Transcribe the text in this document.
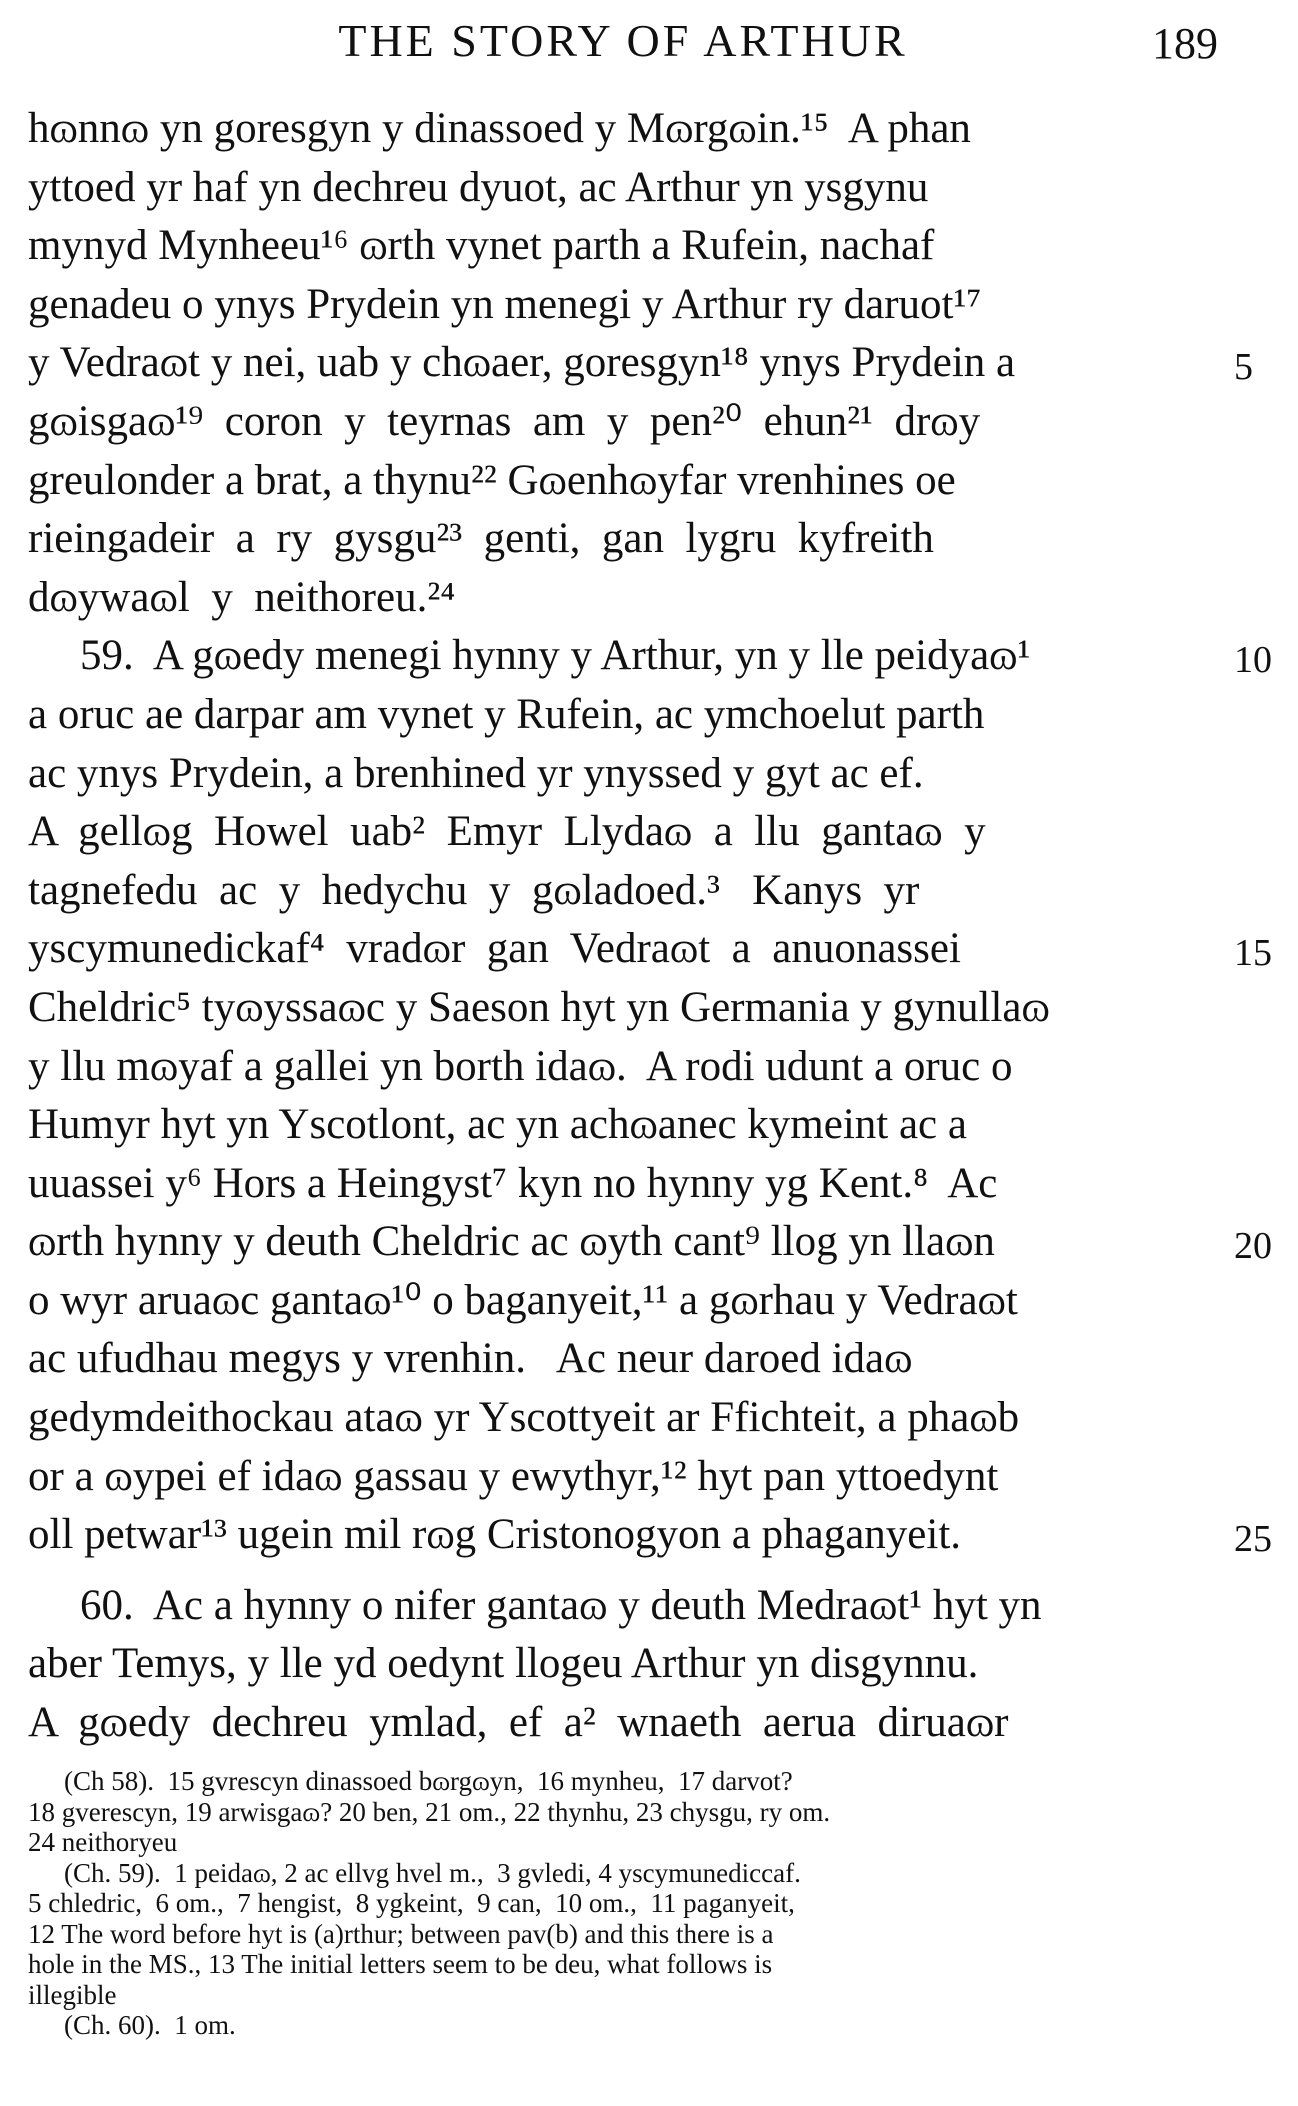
THE STORY OF ARTHUR	189
hɷnnɷ yn goresgyn y dinassoed y Mɷrgɷin.¹⁵  A phan
yttoed yr haf yn dechreu dyuot, ac Arthur yn ysgynu
mynyd Mynheeu¹⁶ ɷrth vynet parth a Rufein, nachaf
genadeu o ynys Prydein yn menegi y Arthur ry daruot¹⁷
y Vedraɷt y nei, uab y chɷaer, goresgyn¹⁸ ynys Prydein a	5
gɷisgaɷ¹⁹  coron  y  teyrnas  am  y  pen²⁰  ehun²¹  drɷy
greulonder a brat, a thynu²² Gɷenhɷyfar vrenhines oe
rieingadeir  a  ry  gysgu²³  genti,  gan  lygru  kyfreith
dɷywaɷl  y  neithoreu.²⁴
59.  A gɷedy menegi hynny y Arthur, yn y lle peidyaɷ¹	10
a oruc ae darpar am vynet y Rufein, ac ymchoelut parth
ac ynys Prydein, a brenhined yr ynyssed y gyt ac ef.
A  gellɷg  Howel  uab²  Emyr  Llydaɷ  a  llu  gantaɷ  y
tagnefedu  ac  y  hedychu  y  gɷladoed.³   Kanys  yr
yscymunedickaf⁴  vradɷr  gan  Vedraɷt  a  anuonassei	15
Cheldric⁵ tyɷyssaɷc y Saeson hyt yn Germania y gynullaɷ
y llu mɷyaf a gallei yn borth idaɷ.  A rodi udunt a oruc o
Humyr hyt yn Yscotlont, ac yn achɷanec kymeint ac a
uuassei y⁶ Hors a Heingyst⁷ kyn no hynny yg Kent.⁸  Ac
ɷrth hynny y deuth Cheldric ac ɷyth cant⁹ llog yn llaɷn	20
o wyr aruaɷc gantaɷ¹⁰ o baganyeit,¹¹ a gɷrhau y Vedraɷt
ac ufudhau megys y vrenhin.   Ac neur daroed idaɷ
gedymdeithockau ataɷ yr Yscottyeit ar Ffichteit, a phaɷb
or a ɷypei ef idaɷ gassau y ewythyr,¹² hyt pan yttoedynt
oll petwar¹³ ugein mil rɷg Cristonogyon a phaganyeit.	25
60.  Ac a hynny o nifer gantaɷ y deuth Medraɷt¹ hyt yn
aber Temys, y lle yd oedynt llogeu Arthur yn disgynnu.
A  gɷedy  dechreu  ymlad,  ef  a²  wnaeth  aerua  diruaɷr
(Ch 58).  15 gvrescyn dinassoed bɷrgɷyn,  16 mynheu,  17 darvot?
18 gverescyn, 19 arwisgaɷ? 20 ben, 21 om., 22 thynhu, 23 chysgu, ry om.
24 neithoryeu
(Ch. 59).  1 peidaɷ, 2 ac ellvg hvel m.,  3 gvledi, 4 yscymunediccaf.
5 chledric,  6 om.,  7 hengist,  8 ygkeint,  9 can,  10 om.,  11 paganyeit,
12 The word before hyt is (a)rthur; between pav(b) and this there is a
hole in the MS., 13 The initial letters seem to be deu, what follows is
illegible
(Ch. 60).  1 om.
